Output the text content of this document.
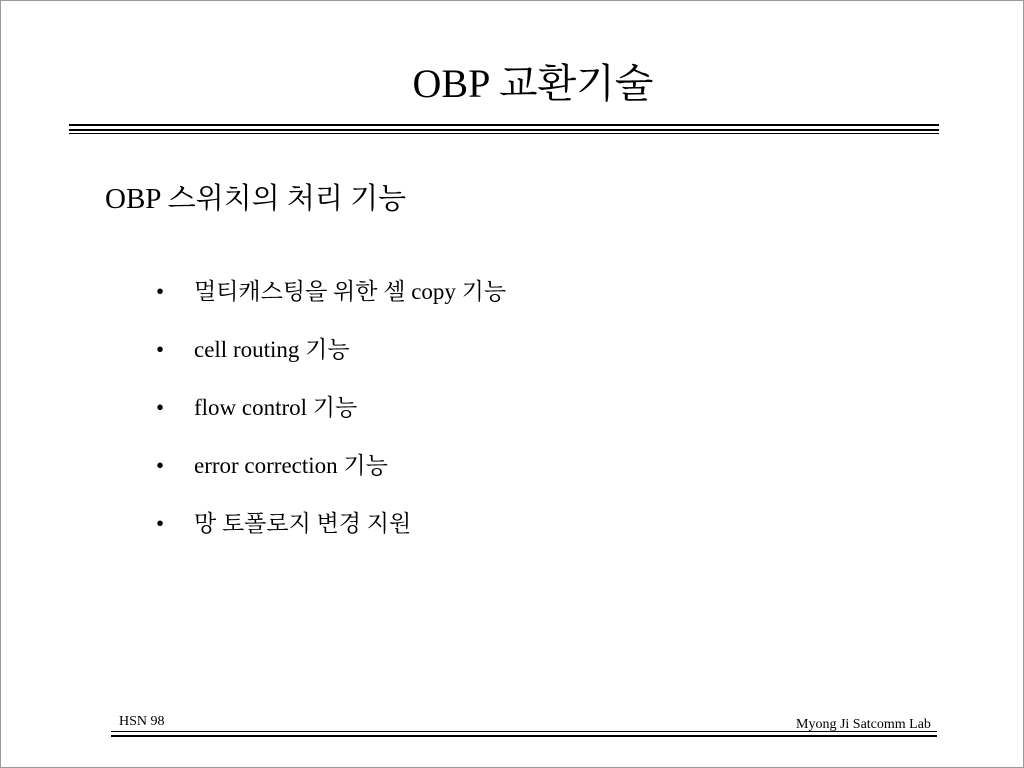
OBP 교환기술
OBP 스위치의 처리 기능
• 멀티캐스팅을 위한 셀 copy 기능
• cell routing 기능
• flow control 기능
• error correction 기능
• 망 토폴로지 변경 지원
HSN 98	Myong Ji Satcomm Lab
